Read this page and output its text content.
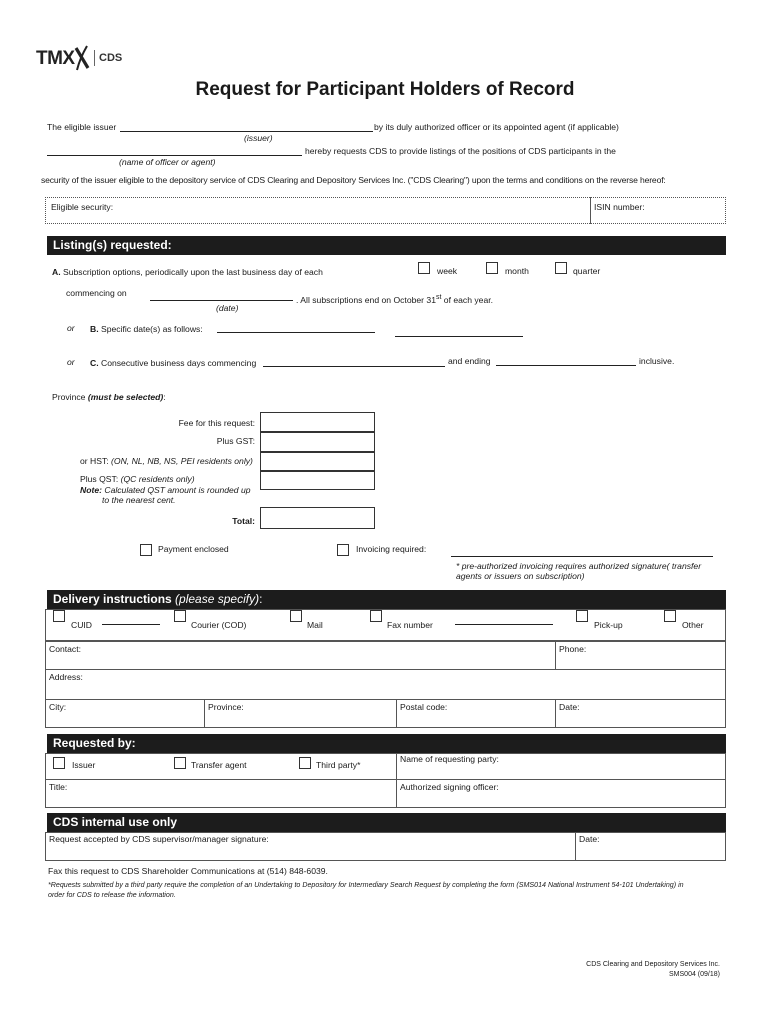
TMX CDS
Request for Participant Holders of Record
The eligible issuer	by its duly authorized officer or its appointed agent (if applicable)
(issuer)
hereby requests CDS to provide listings of the positions of CDS participants in the
(name of officer or agent)
security of the issuer eligible to the depository service of CDS Clearing and Depository Services Inc. ("CDS Clearing") upon the terms and conditions on the reverse hereof:
Eligible security:	ISIN number:
Listing(s) requested:
A. Subscription options, periodically upon the last business day of each	week	month	quarter
commencing on
. All subscriptions end on October 31st of each year.
(date)
or B. Specific date(s) as follows:
or C. Consecutive business days commencing	and ending	inclusive.
Province (must be selected):
Fee for this request:
Plus GST:
or HST: (ON, NL, NB, NS, PEI residents only)
Plus QST: (QC residents only)
Note: Calculated QST amount is rounded up
to the nearest cent.
Total:
Payment enclosed	Invoicing required:
* pre-authorized invoicing requires authorized signature( transfer
agents or issuers on subscription)
Delivery instructions (please specify):
CUID	Courier (COD)	Mail	Fax number	Pick-up	Other
Contact:	Phone:
Address:
City:	Province:	Postal code:	Date:
Requested by:
Issuer	Transfer agent	Third party*
Name of requesting party:
Title:	Authorized signing officer:
CDS internal use only
Request accepted by CDS supervisor/manager signature:	Date:
Fax this request to CDS Shareholder Communications at (514) 848-6039.
*Requests submitted by a third party require the completion of an Undertaking to Depository for Intermediary Search Request by completing the form (SMS014 National Instrument 54-101 Undertaking) in
order for CDS to release the information.
CDS Clearing and Depository Services Inc.
SMS004 (09/18)
